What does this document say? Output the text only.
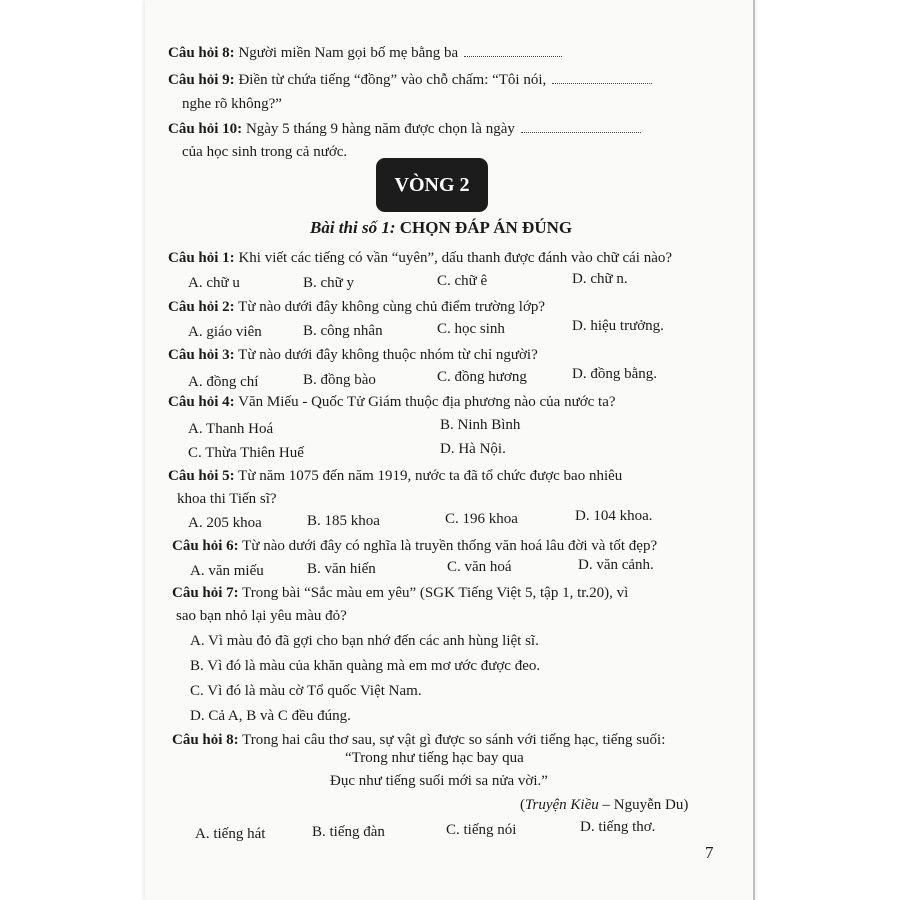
Câu hỏi 8: Người miền Nam gọi bố mẹ bằng ba
Câu hỏi 9: Điền từ chứa tiếng “đồng” vào chỗ chấm: “Tôi nói,
nghe rõ không?”
Câu hỏi 10: Ngày 5 tháng 9 hàng năm được chọn là ngày
của học sinh trong cả nước.
VÒNG 2
Bài thi số 1: CHỌN ĐÁP ÁN ĐÚNG
Câu hỏi 1: Khi viết các tiếng có vần “uyên”, dấu thanh được đánh vào chữ cái nào?
A. chữ u	B. chữ y	C. chữ ê	D. chữ n.
Câu hỏi 2: Từ nào dưới đây không cùng chủ điểm trường lớp?
A. giáo viên	B. công nhân	C. học sinh	D. hiệu trưởng.
Câu hỏi 3: Từ nào dưới đây không thuộc nhóm từ chỉ người?
A. đồng chí	B. đồng bào	C. đồng hương	D. đồng bằng.
Câu hỏi 4: Văn Miếu - Quốc Tử Giám thuộc địa phương nào của nước ta?
A. Thanh Hoá	B. Ninh Bình
C. Thừa Thiên Huế	D. Hà Nội.
Câu hỏi 5: Từ năm 1075 đến năm 1919, nước ta đã tổ chức được bao nhiêu
khoa thi Tiến sĩ?
A. 205 khoa	B. 185 khoa	C. 196 khoa	D. 104 khoa.
Câu hỏi 6: Từ nào dưới đây có nghĩa là truyền thống văn hoá lâu đời và tốt đẹp?
A. văn miếu	B. văn hiến	C. văn hoá	D. văn cảnh.
Câu hỏi 7: Trong bài “Sắc màu em yêu” (SGK Tiếng Việt 5, tập 1, tr.20), vì
sao bạn nhỏ lại yêu màu đỏ?
A. Vì màu đỏ đã gợi cho bạn nhớ đến các anh hùng liệt sĩ.
B. Vì đó là màu của khăn quàng mà em mơ ước được đeo.
C. Vì đó là màu cờ Tổ quốc Việt Nam.
D. Cả A, B và C đều đúng.
Câu hỏi 8: Trong hai câu thơ sau, sự vật gì được so sánh với tiếng hạc, tiếng suối:
“Trong như tiếng hạc bay qua
Đục như tiếng suối mới sa nửa vời.”
(Truyện Kiều – Nguyễn Du)
A. tiếng hát	B. tiếng đàn	C. tiếng nói	D. tiếng thơ.
7
